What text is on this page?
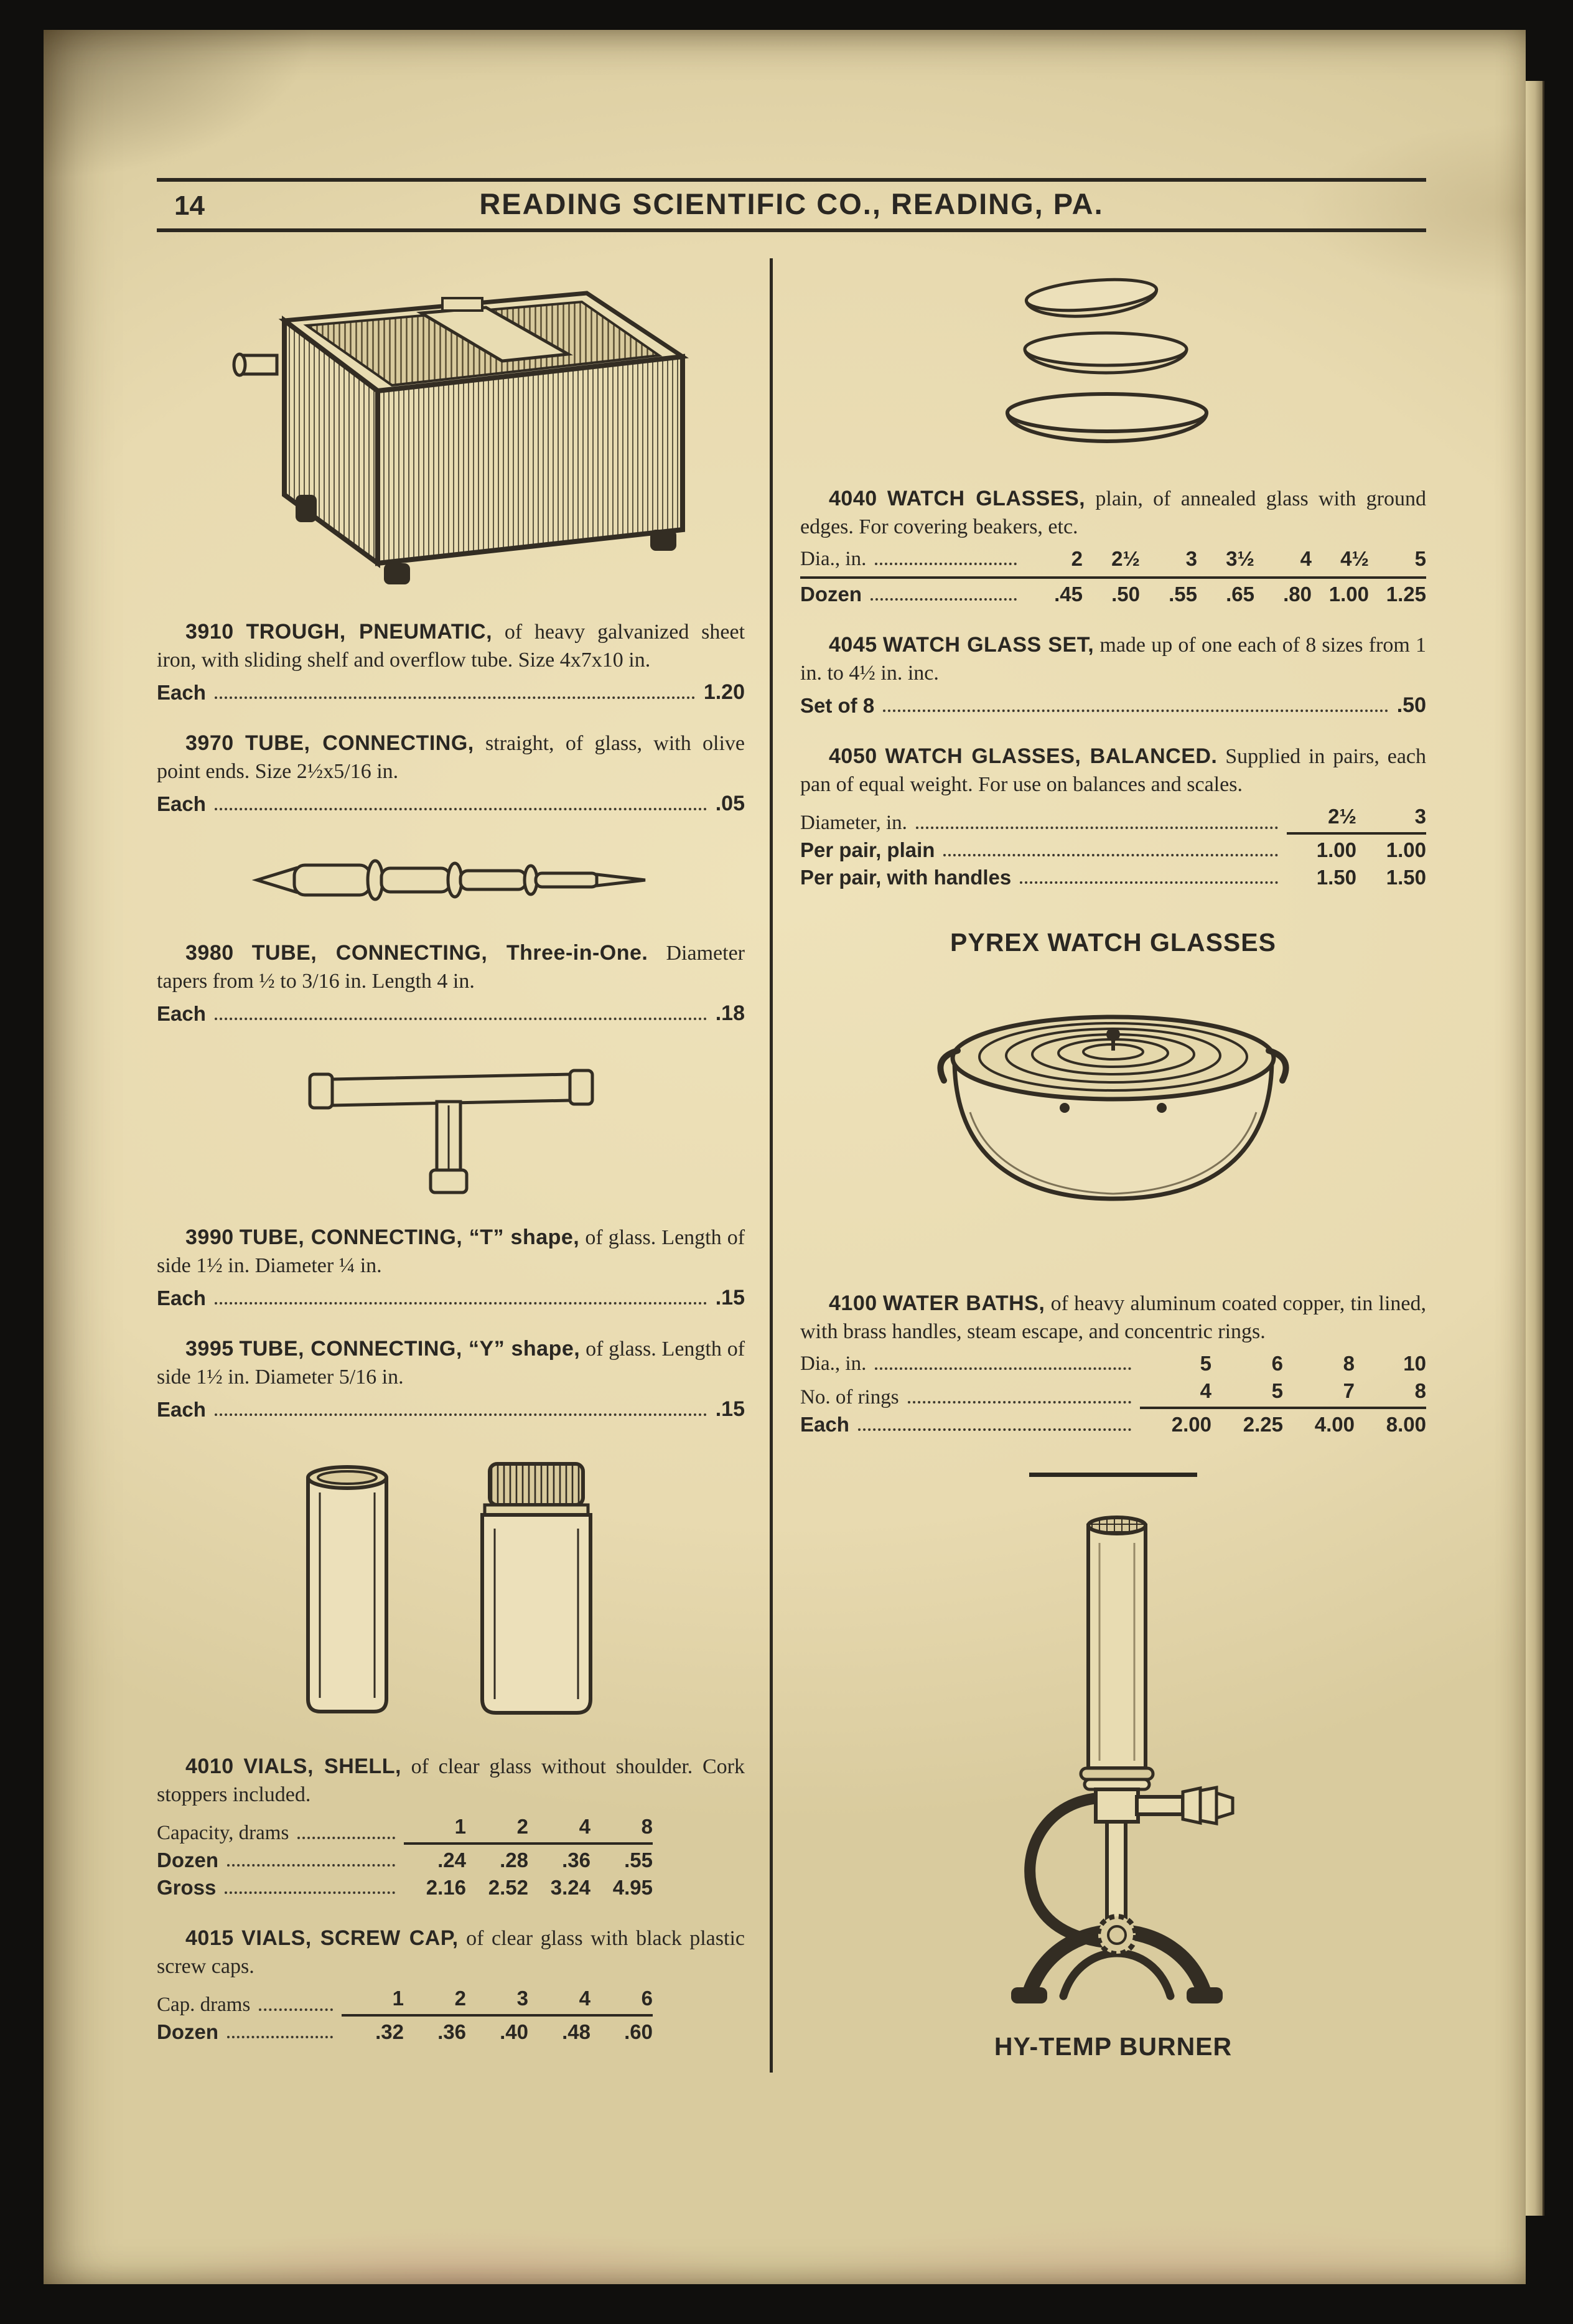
14	READING SCIENTIFIC CO., READING, PA.

3910 TROUGH, PNEUMATIC, of heavy galvanized sheet iron, with sliding shelf and overflow tube. Size 4x7x10 in.

Each	1.20

3970 TUBE, CONNECTING, straight, of glass, with olive point ends. Size 2½x5/16 in.

Each	.05

3980 TUBE, CONNECTING, Three-in-One. Diameter tapers from ½ to 3/16 in. Length 4 in.

Each	.18

3990 TUBE, CONNECTING, “T” shape, of glass. Length of side 1½ in. Diameter ¼ in.

Each	.15

3995 TUBE, CONNECTING, “Y” shape, of glass. Length of side 1½ in. Diameter 5/16 in.

Each	.15

4010 VIALS, SHELL, of clear glass without shoulder. Cork stoppers included.

Capacity, drams	1	2	4	8
Dozen	.24	.28	.36	.55
Gross	2.16	2.52	3.24	4.95

4015 VIALS, SCREW CAP, of clear glass with black plastic screw caps.

Cap. drams	1	2	3	4	6
Dozen	.32	.36	.40	.48	.60

4040 WATCH GLASSES, plain, of annealed glass with ground edges. For covering beakers, etc.

Dia., in.	2	2½	3	3½	4	4½	5
Dozen	.45	.50	.55	.65	.80 1.00 1.25

4045 WATCH GLASS SET, made up of one each of 8 sizes from 1 in. to 4½ in. inc.

Set of 8	.50

4050 WATCH GLASSES, BALANCED. Supplied in pairs, each pan of equal weight. For use on balances and scales.

Diameter, in.	2½	3
Per pair, plain	1.00	1.00
Per pair, with handles	1.50	1.50
PYREX WATCH GLASSES

4100 WATER BATHS, of heavy aluminum coated copper, tin lined, with brass handles, steam escape, and concentric rings.

Dia., in.	5	6	8	10
No. of rings	4	5	7	8
Each	2.00	2.25	4.00	8.00
HY-TEMP BURNER
